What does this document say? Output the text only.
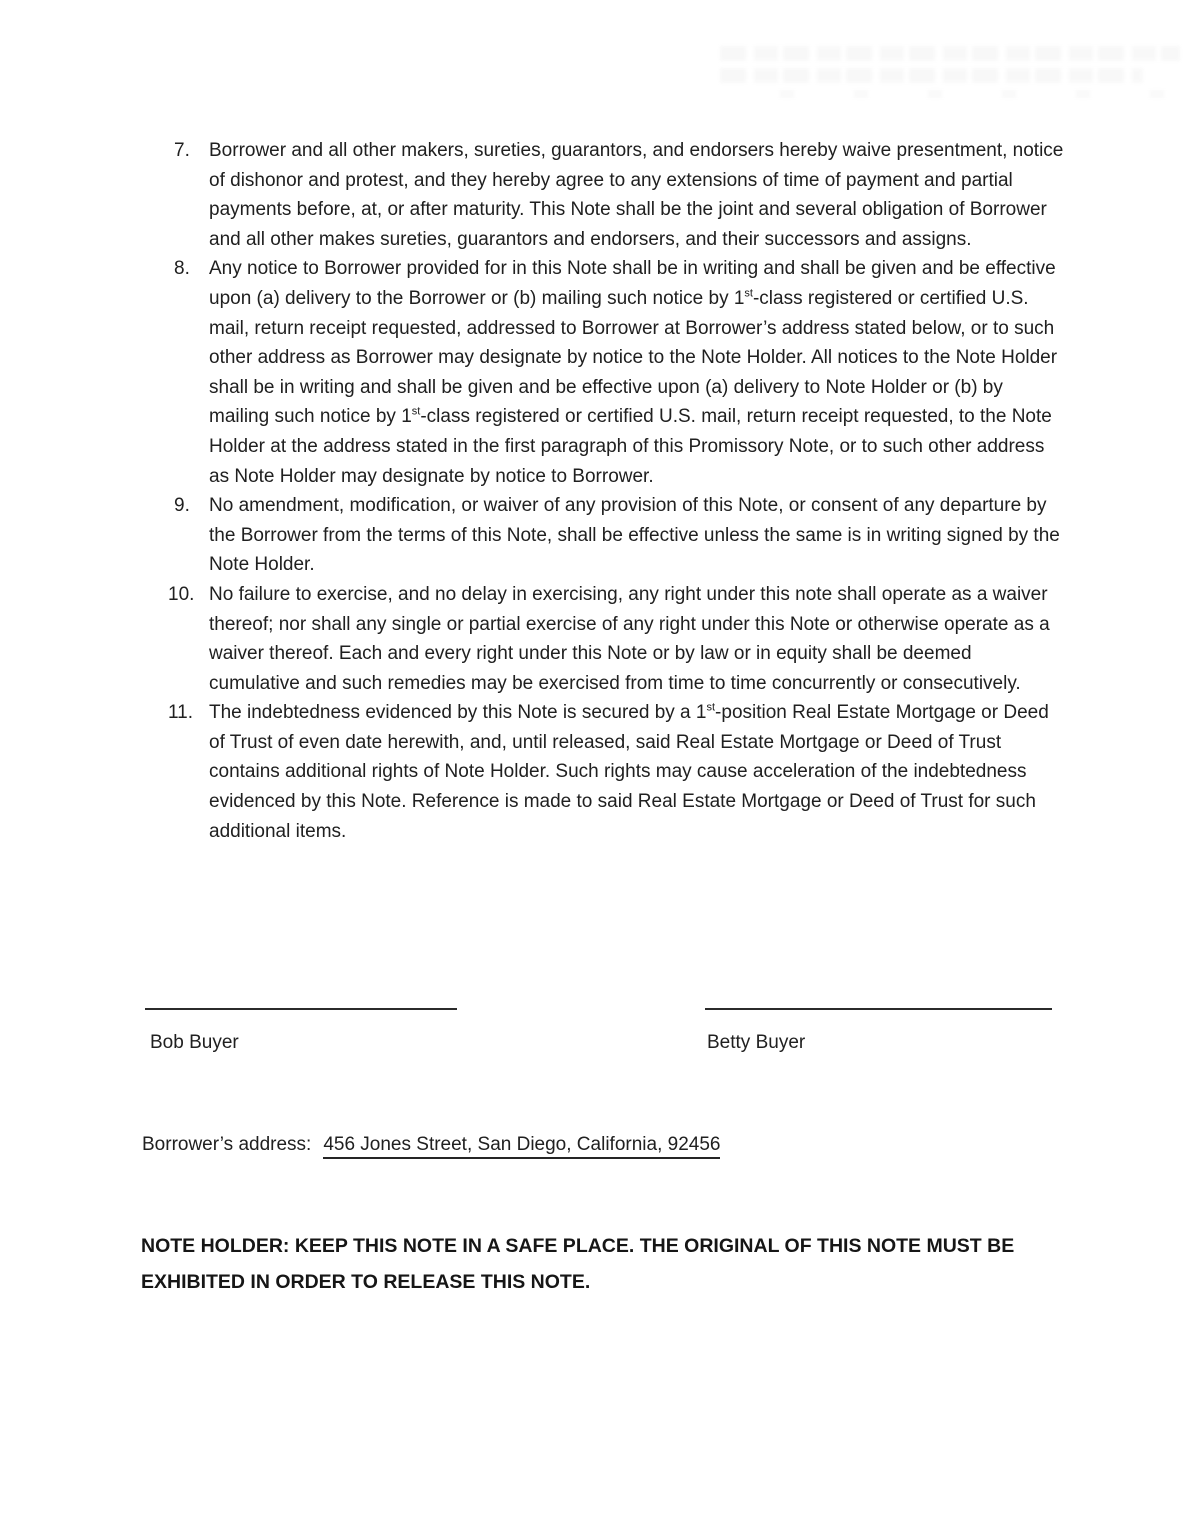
7.	Borrower and all other makers, sureties, guarantors, and endorsers hereby waive presentment, notice of dishonor and protest, and they hereby agree to any extensions of time of payment and partial payments before, at, or after maturity. This Note shall be the joint and several obligation of Borrower and all other makes sureties, guarantors and endorsers, and their successors and assigns.
8.	Any notice to Borrower provided for in this Note shall be in writing and shall be given and be effective upon (a) delivery to the Borrower or (b) mailing such notice by 1st-class registered or certified U.S. mail, return receipt requested, addressed to Borrower at Borrower’s address stated below, or to such other address as Borrower may designate by notice to the Note Holder. All notices to the Note Holder shall be in writing and shall be given and be effective upon (a) delivery to Note Holder or (b) by mailing such notice by 1st-class registered or certified U.S. mail, return receipt requested, to the Note Holder at the address stated in the first paragraph of this Promissory Note, or to such other address as Note Holder may designate by notice to Borrower.
9.	No amendment, modification, or waiver of any provision of this Note, or consent of any departure by the Borrower from the terms of this Note, shall be effective unless the same is in writing signed by the Note Holder.
10. No failure to exercise, and no delay in exercising, any right under this note shall operate as a waiver thereof; nor shall any single or partial exercise of any right under this Note or otherwise operate as a waiver thereof. Each and every right under this Note or by law or in equity shall be deemed cumulative and such remedies may be exercised from time to time concurrently or consecutively.
11. The indebtedness evidenced by this Note is secured by a 1st-position Real Estate Mortgage or Deed of Trust of even date herewith, and, until released, said Real Estate Mortgage or Deed of Trust contains additional rights of Note Holder. Such rights may cause acceleration of the indebtedness evidenced by this Note. Reference is made to said Real Estate Mortgage or Deed of Trust for such additional items.
Bob Buyer	Betty Buyer
Borrower’s address: 456 Jones Street, San Diego, California, 92456
NOTE HOLDER: KEEP THIS NOTE IN A SAFE PLACE. THE ORIGINAL OF THIS NOTE MUST BE EXHIBITED IN ORDER TO RELEASE THIS NOTE.
